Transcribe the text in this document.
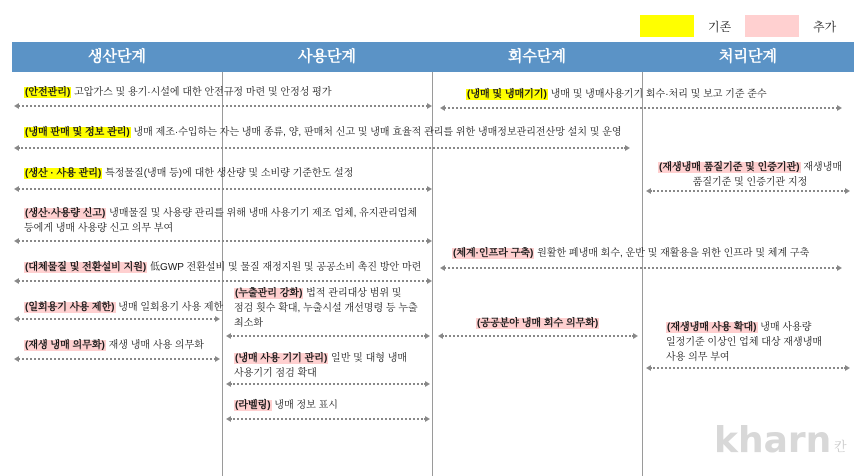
기존	추가
생산단계	사용단계	회수단계	처리단계
(안전관리) 고압가스 및 용기·시설에 대한 안전규정 마련 및 안정성 평가	(냉매 및 냉매기기) 냉매 및 냉매사용기기 회수·처리 및 보고 기준 준수
(냉매 판매 및 정보 관리) 냉매 제조·수입하는 자는 냉매 종류, 양, 판매처 신고 및 냉매 효율적 관리를 위한 냉매정보관리전산망 설치 및 운영
(생산 · 사용 관리) 특정물질(냉매 등)에 대한 생산량 및 소비량 기준한도 설정
(재생냉매 품질기준 및 인증기관) 재생냉매
품질기준 및 인증기관 지정
(생산·사용량 신고) 냉매물질 및 사용량 관리를 위해 냉매 사용기기 제조 업체, 유지관리업체
등에게 냉매 사용량 신고 의무 부여
(체계·인프라 구축) 원활한 폐냉매 회수, 운반 및 재활용을 위한 인프라 및 체계 구축
(대체물질 및 전환설비 지원) 低GWP 전환설비 및 물질 재정지원 및 공공소비 촉진 방안 마련
(일회용기 사용 제한) 냉매 일회용기 사용 제한
(누출관리 강화) 법적 관리대상 범위 및
점검 횟수 확대, 누출시설 개선명령 등 누출
최소화	(공공분야 냉매 회수 의무화)	(재생냉매 사용 확대) 냉매 사용량
일정기준 이상인 업체 대상 재생냉매
사용 의무 부여
(재생 냉매 의무화) 재생 냉매 사용 의무화
(냉매 사용 기기 관리) 일반 및 대형 냉매
사용기기 점검 확대
(라벨링) 냉매 정보 표시
kharn 칸
